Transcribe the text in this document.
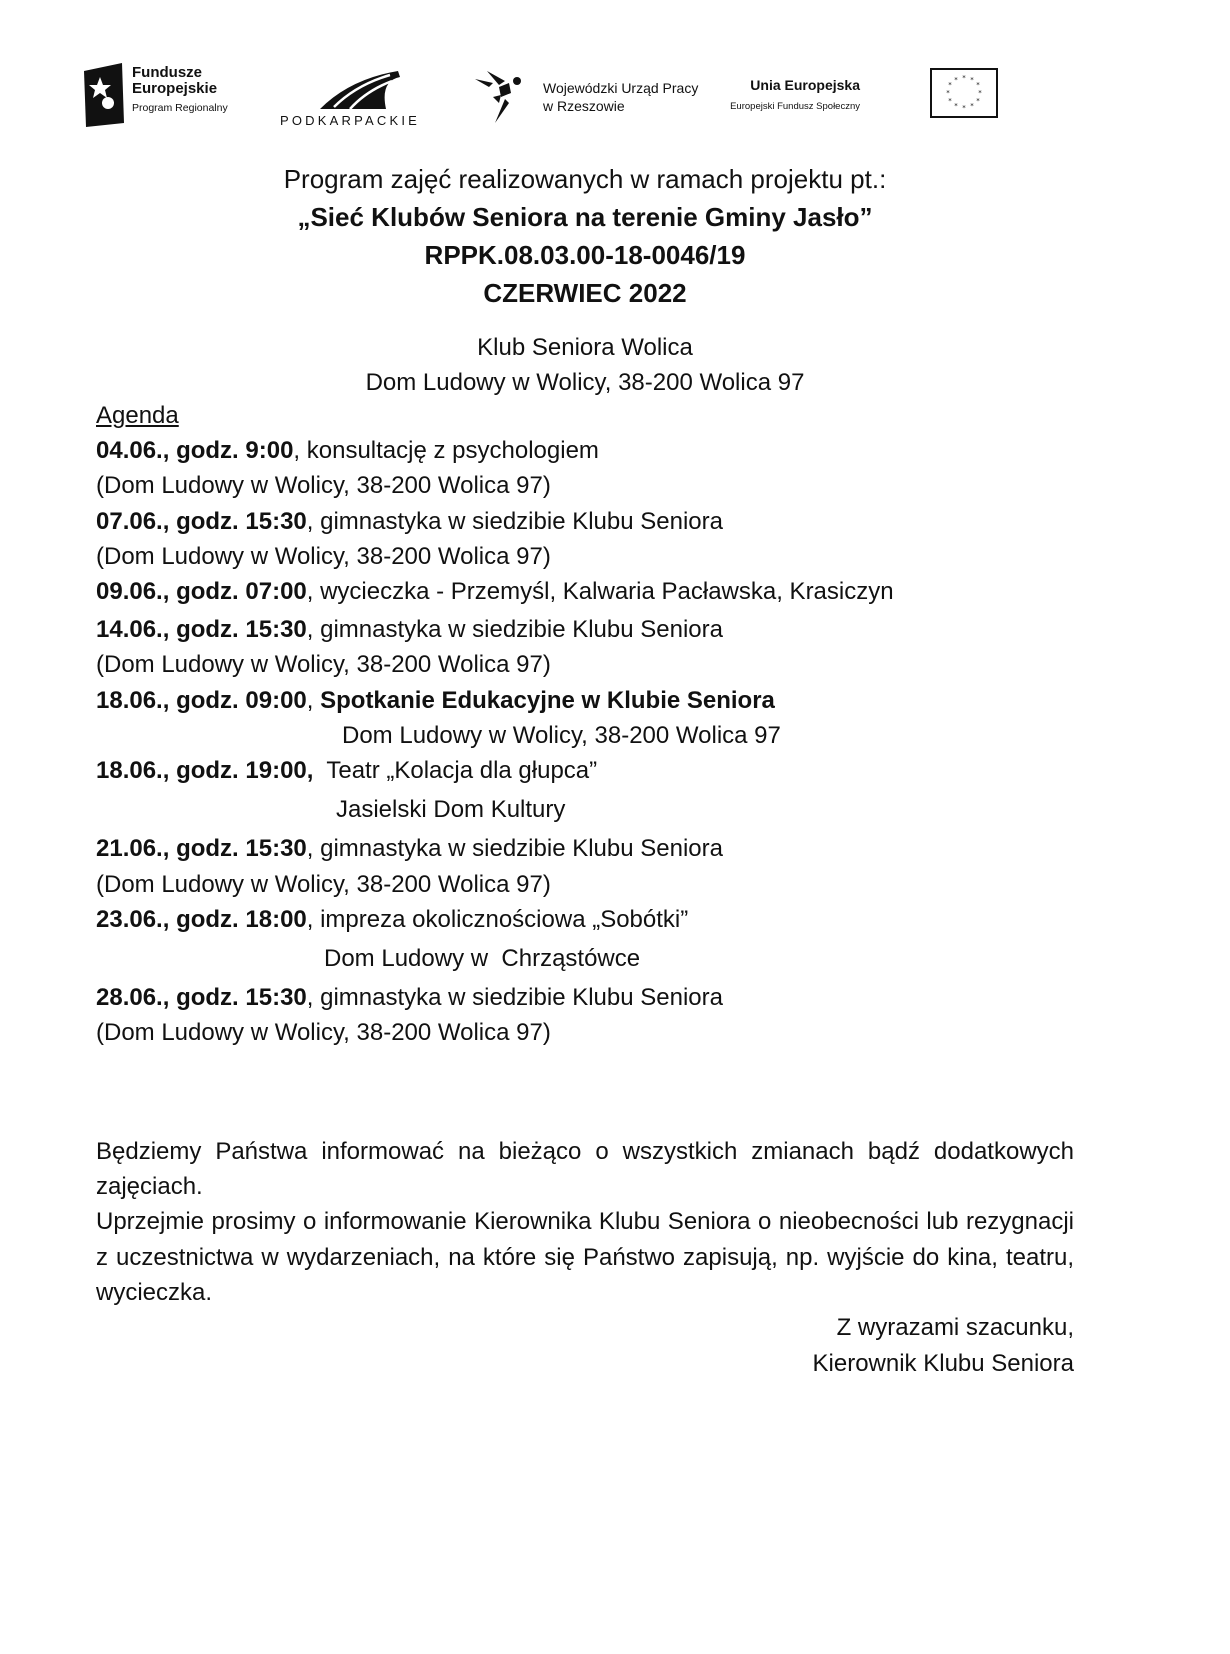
Fundusze
Europejskie
Program Regionalny
PODKARPACKIE
Wojewódzki Urząd Pracy
w Rzeszowie
Unia Europejska
Europejski Fundusz Społeczny
* *
*
*
*
*
*
*
*
*
*
*
Program zajęć realizowanych w ramach projektu pt.:
„Sieć Klubów Seniora na terenie Gminy Jasło”
RPPK.08.03.00-18-0046/19
CZERWIEC 2022
Klub Seniora Wolica
Dom Ludowy w Wolicy, 38-200 Wolica 97
Agenda
04.06., godz. 9:00, konsultację z psychologiem
(Dom Ludowy w Wolicy, 38-200 Wolica 97)
07.06., godz. 15:30, gimnastyka w siedzibie Klubu Seniora
(Dom Ludowy w Wolicy, 38-200 Wolica 97)
09.06., godz. 07:00, wycieczka - Przemyśl, Kalwaria Pacławska, Krasiczyn
14.06., godz. 15:30, gimnastyka w siedzibie Klubu Seniora
(Dom Ludowy w Wolicy, 38-200 Wolica 97)
18.06., godz. 09:00, Spotkanie Edukacyjne w Klubie Seniora
Dom Ludowy w Wolicy, 38-200 Wolica 97
18.06., godz. 19:00,  Teatr „Kolacja dla głupca”
Jasielski Dom Kultury
21.06., godz. 15:30, gimnastyka w siedzibie Klubu Seniora
(Dom Ludowy w Wolicy, 38-200 Wolica 97)
23.06., godz. 18:00, impreza okolicznościowa „Sobótki”
Dom Ludowy w  Chrząstówce
28.06., godz. 15:30, gimnastyka w siedzibie Klubu Seniora
(Dom Ludowy w Wolicy, 38-200 Wolica 97)
Będziemy Państwa informować na bieżąco o wszystkich zmianach bądź dodatkowych zajęciach.
Uprzejmie prosimy o informowanie Kierownika Klubu Seniora o nieobecności lub rezygnacji z uczestnictwa w wydarzeniach, na które się Państwo zapisują, np. wyjście do kina, teatru, wycieczka.
Z wyrazami szacunku,
Kierownik Klubu Seniora
